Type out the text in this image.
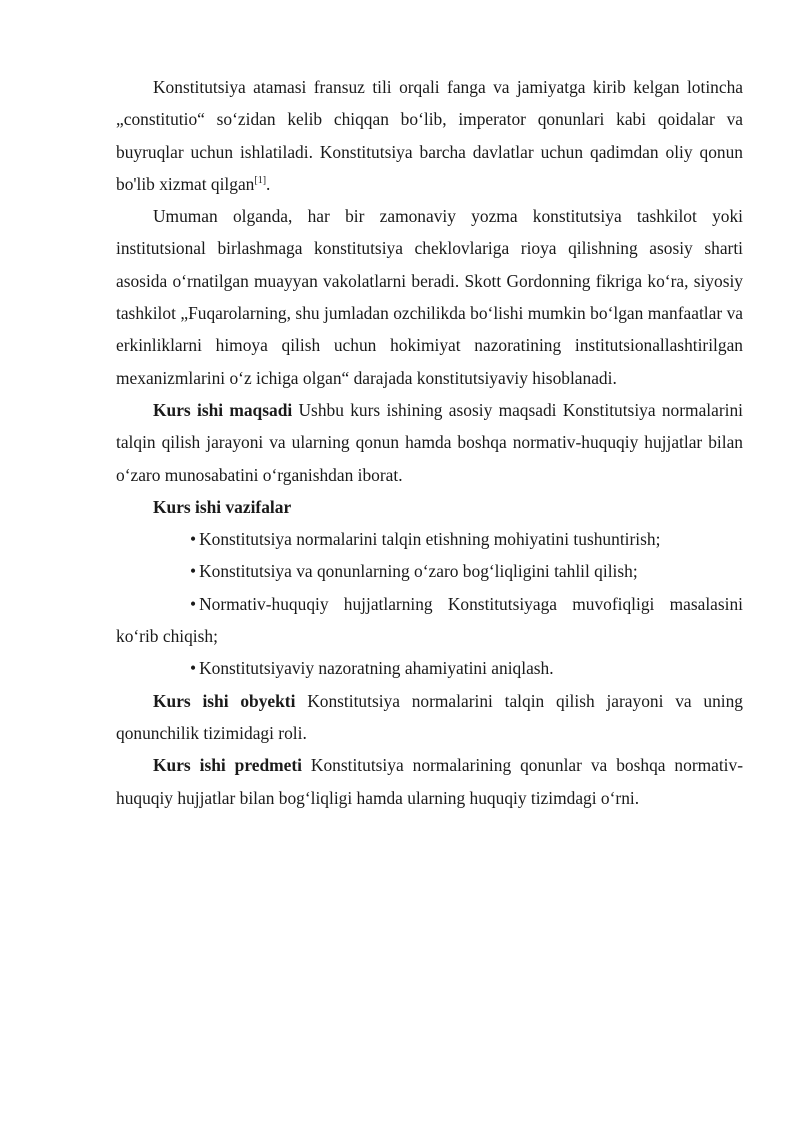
Konstitutsiya atamasi fransuz tili orqali fanga va jamiyatga kirib kelgan lotincha „constitutio“ so‘zidan kelib chiqqan bo‘lib, imperator qonunlari kabi qoidalar va buyruqlar uchun ishlatiladi. Konstitutsiya barcha davlatlar uchun qadimdan oliy qonun bo'lib xizmat qilgan[1].

Umuman olganda, har bir zamonaviy yozma konstitutsiya tashkilot yoki institutsional birlashmaga konstitutsiya cheklovlariga rioya qilishning asosiy sharti asosida o‘rnatilgan muayyan vakolatlarni beradi. Skott Gordonning fikriga ko‘ra, siyosiy tashkilot „Fuqarolarning, shu jumladan ozchilikda bo‘lishi mumkin bo‘lgan manfaatlar va erkinliklarni himoya qilish uchun hokimiyat nazoratining institutsionallashtirilgan mexanizmlarini o‘z ichiga olgan“ darajada konstitutsiyaviy hisoblanadi.

Kurs ishi maqsadi Ushbu kurs ishining asosiy maqsadi Konstitutsiya normalarini talqin qilish jarayoni va ularning qonun hamda boshqa normativ-huquqiy hujjatlar bilan o‘zaro munosabatini o‘rganishdan iborat.

Kurs ishi vazifalar

• Konstitutsiya normalarini talqin etishning mohiyatini tushuntirish;

• Konstitutsiya va qonunlarning o‘zaro bog‘liqligini tahlil qilish;

• Normativ-huquqiy hujjatlarning Konstitutsiyaga muvofiqligi masalasini ko‘rib chiqish;

• Konstitutsiyaviy nazoratning ahamiyatini aniqlash.

Kurs ishi obyekti Konstitutsiya normalarini talqin qilish jarayoni va uning qonunchilik tizimidagi roli.

Kurs ishi predmeti Konstitutsiya normalarining qonunlar va boshqa normativ-huquqiy hujjatlar bilan bog‘liqligi hamda ularning huquqiy tizimdagi o‘rni.
